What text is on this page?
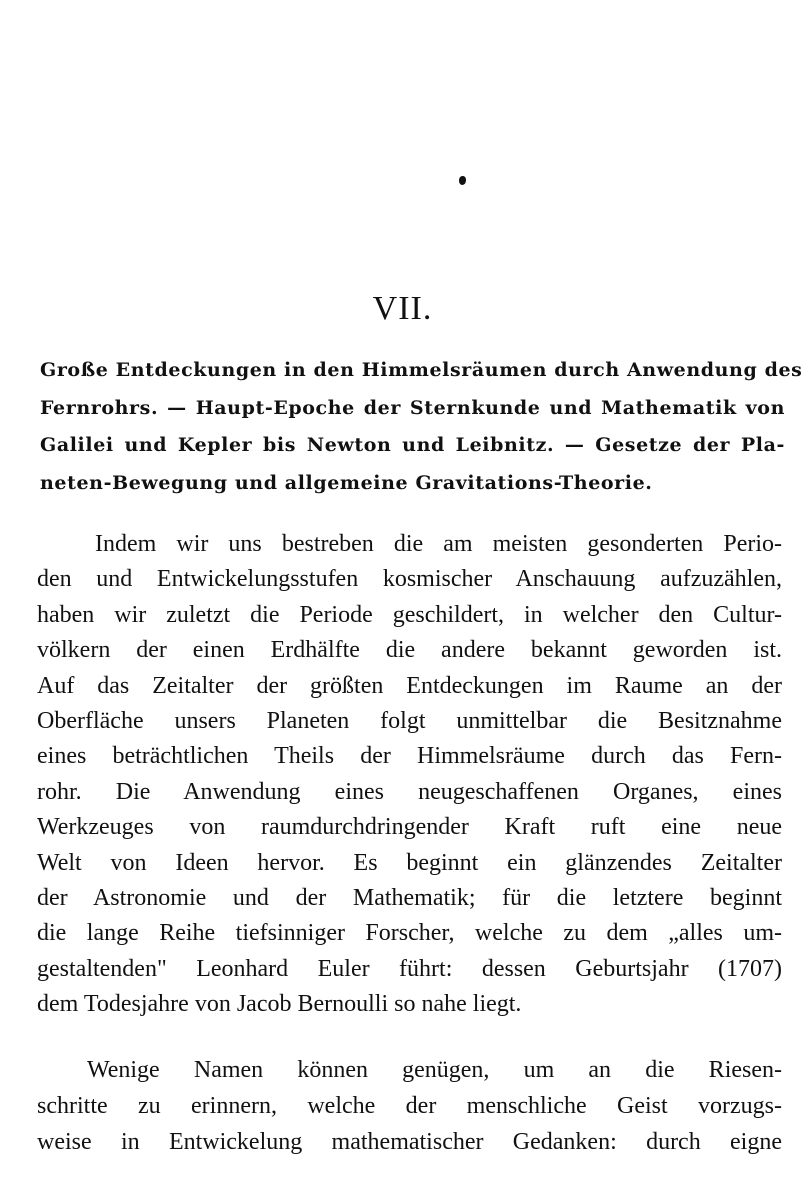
VII.
Große Entdeckungen in den Himmelsräumen durch Anwendung des
Fernrohrs. — Haupt-Epoche der Sternkunde und Mathematik von
Galilei und Kepler bis Newton und Leibnitz. — Gesetze der Pla-
neten-Bewegung und allgemeine Gravitations-Theorie.
Indem wir uns bestreben die am meisten gesonderten Perio-
den und Entwickelungsstufen kosmischer Anschauung aufzuzählen,
haben wir zuletzt die Periode geschildert, in welcher den Cultur-
völkern der einen Erdhälfte die andere bekannt geworden ist.
Auf das Zeitalter der größten Entdeckungen im Raume an der
Oberfläche unsers Planeten folgt unmittelbar die Besitznahme
eines beträchtlichen Theils der Himmelsräume durch das Fern-
rohr. Die Anwendung eines neugeschaffenen Organes, eines
Werkzeuges von raumdurchdringender Kraft ruft eine neue
Welt von Ideen hervor. Es beginnt ein glänzendes Zeitalter
der Astronomie und der Mathematik; für die letztere beginnt
die lange Reihe tiefsinniger Forscher, welche zu dem „alles um-
gestaltenden" Leonhard Euler führt: dessen Geburtsjahr (1707)
dem Todesjahre von Jacob Bernoulli so nahe liegt.
Wenige Namen können genügen, um an die Riesen-
schritte zu erinnern, welche der menschliche Geist vorzugs-
weise in Entwickelung mathematischer Gedanken: durch eigne
